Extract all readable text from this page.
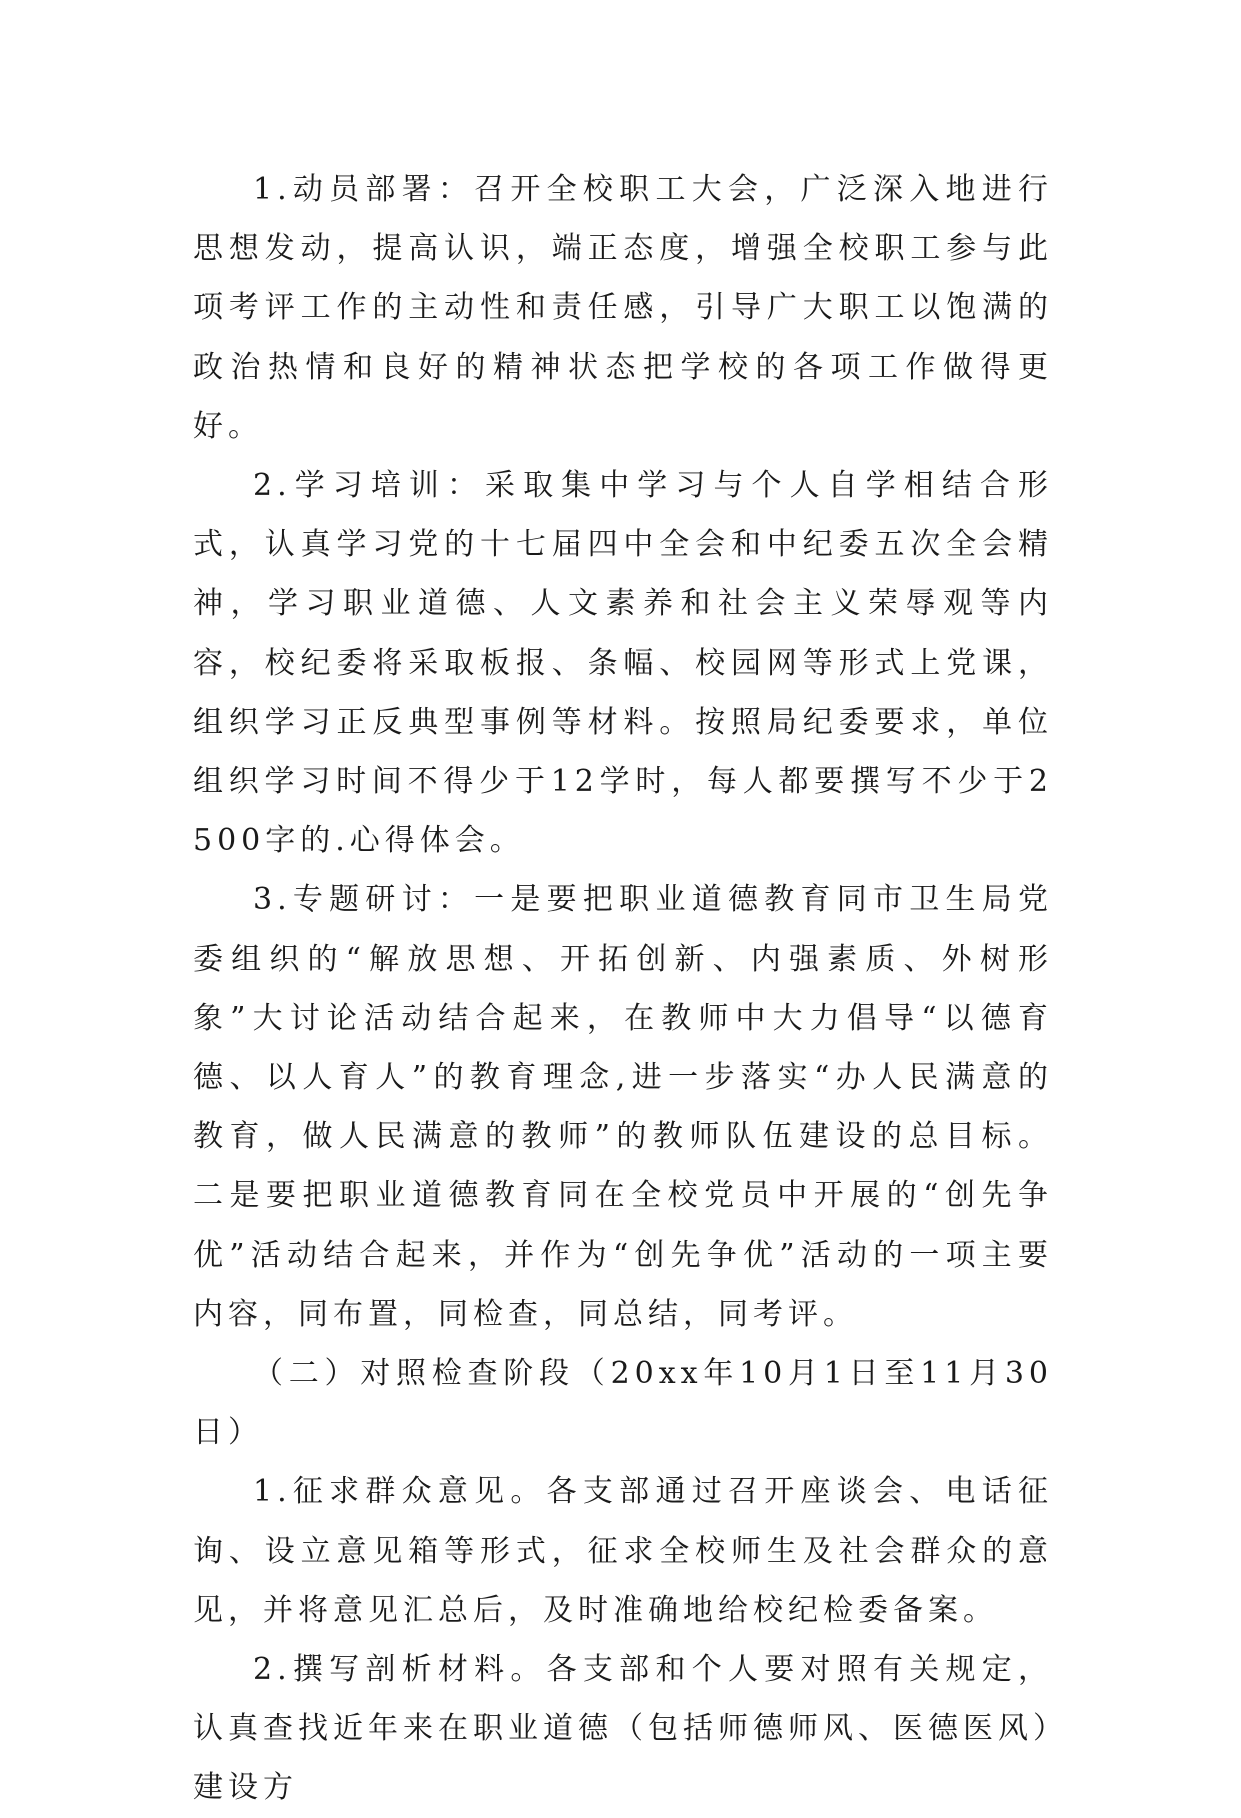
1.动员部署：召开全校职工大会，广泛深入地进行思想发动，提高认识，端正态度，增强全校职工参与此项考评工作的主动性和责任感，引导广大职工以饱满的政治热情和良好的精神状态把学校的各项工作做得更好。

2.学习培训：采取集中学习与个人自学相结合形式，认真学习党的十七届四中全会和中纪委五次全会精神，学习职业道德、人文素养和社会主义荣辱观等内容，校纪委将采取板报、条幅、校园网等形式上党课，组织学习正反典型事例等材料。按照局纪委要求，单位组织学习时间不得少于12学时，每人都要撰写不少于2500字的.心得体会。

3.专题研讨：一是要把职业道德教育同市卫生局党委组织的“解放思想、开拓创新、内强素质、外树形象”大讨论活动结合起来，在教师中大力倡导“以德育德、以人育人”的教育理念,进一步落实“办人民满意的教育，做人民满意的教师”的教师队伍建设的总目标。二是要把职业道德教育同在全校党员中开展的“创先争优”活动结合起来，并作为“创先争优”活动的一项主要内容，同布置，同检查，同总结，同考评。

（二）对照检查阶段（20xx年10月1日至11月30日）

1.征求群众意见。各支部通过召开座谈会、电话征询、设立意见箱等形式，征求全校师生及社会群众的意见，并将意见汇总后，及时准确地给校纪检委备案。

2.撰写剖析材料。各支部和个人要对照有关规定，认真查找近年来在职业道德（包括师德师风、医德医风）建设方
